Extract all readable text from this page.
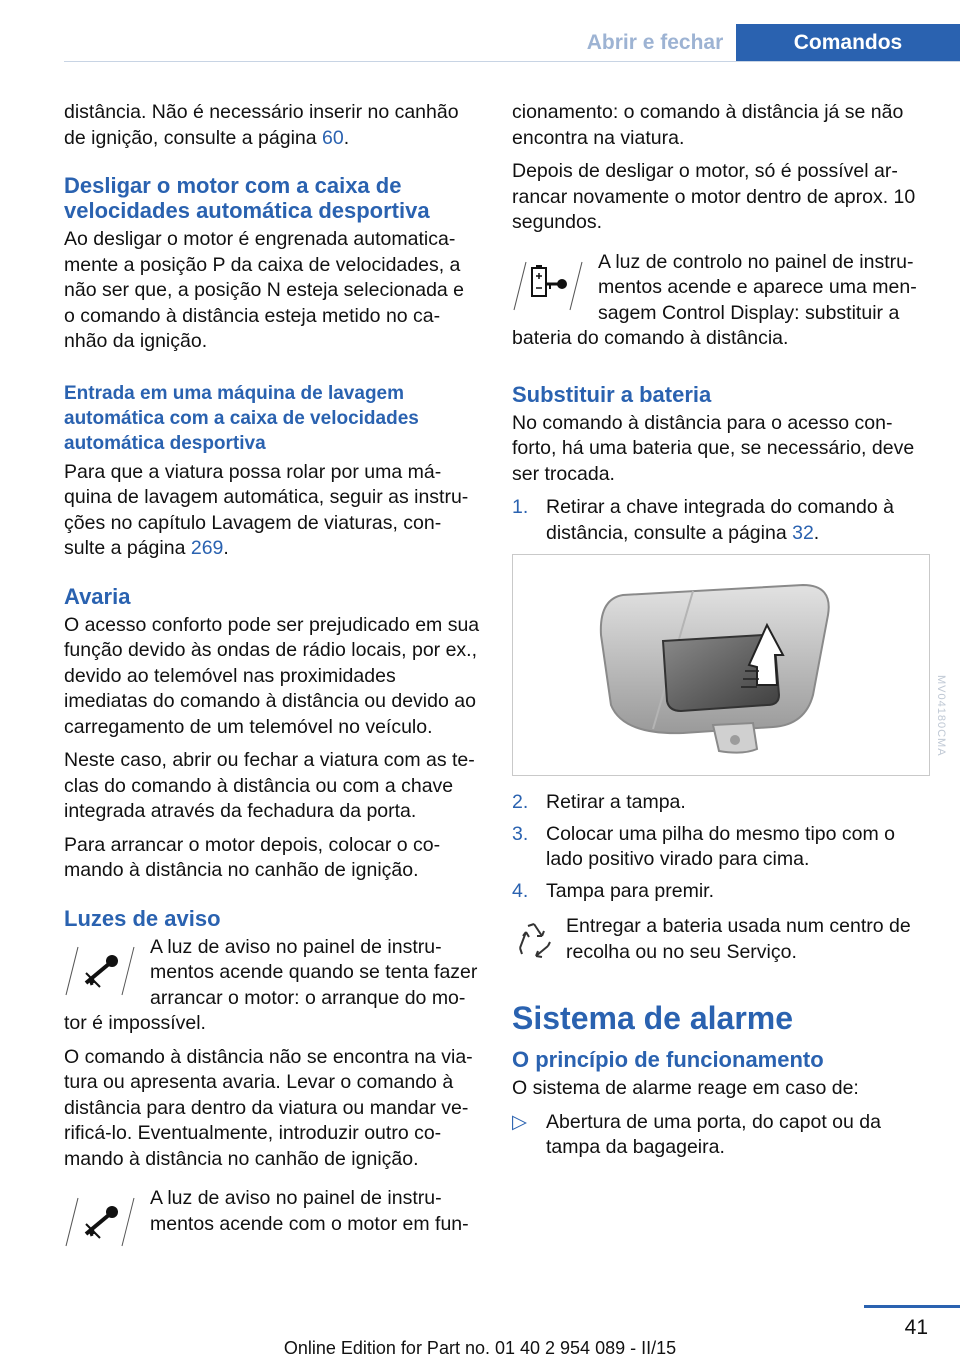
Abrir e fechar	Comandos

distância. Não é necessário inserir no canhão de ignição, consulte a página 60.

Desligar o motor com a caixa de velocidades automática desportiva

Ao desligar o motor é engrenada automatica- mente a posição P da caixa de velocidades, a não ser que, a posição N esteja selecionada e o comando à distância esteja metido no ca- nhão da ignição.

Entrada em uma máquina de lavagem automática com a caixa de velocidades automática desportiva

Para que a viatura possa rolar por uma má- quina de lavagem automática, seguir as instru- ções no capítulo Lavagem de viaturas, con- sulte a página 269.

Avaria

O acesso conforto pode ser prejudicado em sua função devido às ondas de rádio locais, por ex., devido ao telemóvel nas proximidades imediatas do comando à distância ou devido ao carregamento de um telemóvel no veículo.

Neste caso, abrir ou fechar a viatura com as te- clas do comando à distância ou com a chave integrada através da fechadura da porta.

Para arrancar o motor depois, colocar o co- mando à distância no canhão de ignição.

Luzes de aviso

A luz de aviso no painel de instru- mentos acende quando se tenta fazer arrancar o motor: o arranque do mo- tor é impossível.

O comando à distância não se encontra na via- tura ou apresenta avaria. Levar o comando à distância para dentro da viatura ou mandar ve- rificá-lo. Eventualmente, introduzir outro co- mando à distância no canhão de ignição.

A luz de aviso no painel de instru- mentos acende com o motor em fun-

cionamento: o comando à distância já se não encontra na viatura.

Depois de desligar o motor, só é possível ar- rancar novamente o motor dentro de aprox. 10 segundos.

A luz de controlo no painel de instru- mentos acende e aparece uma men- sagem Control Display: substituir a bateria do comando à distância.

Substituir a bateria

No comando à distância para o acesso con- forto, há uma bateria que, se necessário, deve ser trocada.

1. Retirar a chave integrada do comando à distância, consulte a página 32.
MV04180CMA
2. Retirar a tampa.
3. Colocar uma pilha do mesmo tipo com o lado positivo virado para cima.
4. Tampa para premir.

Entregar a bateria usada num centro de recolha ou no seu Serviço.

Sistema de alarme
O princípio de funcionamento

O sistema de alarme reage em caso de:

▷ Abertura de uma porta, do capot ou da tampa da bagageira.
41
Online Edition for Part no. 01 40 2 954 089 - II/15
